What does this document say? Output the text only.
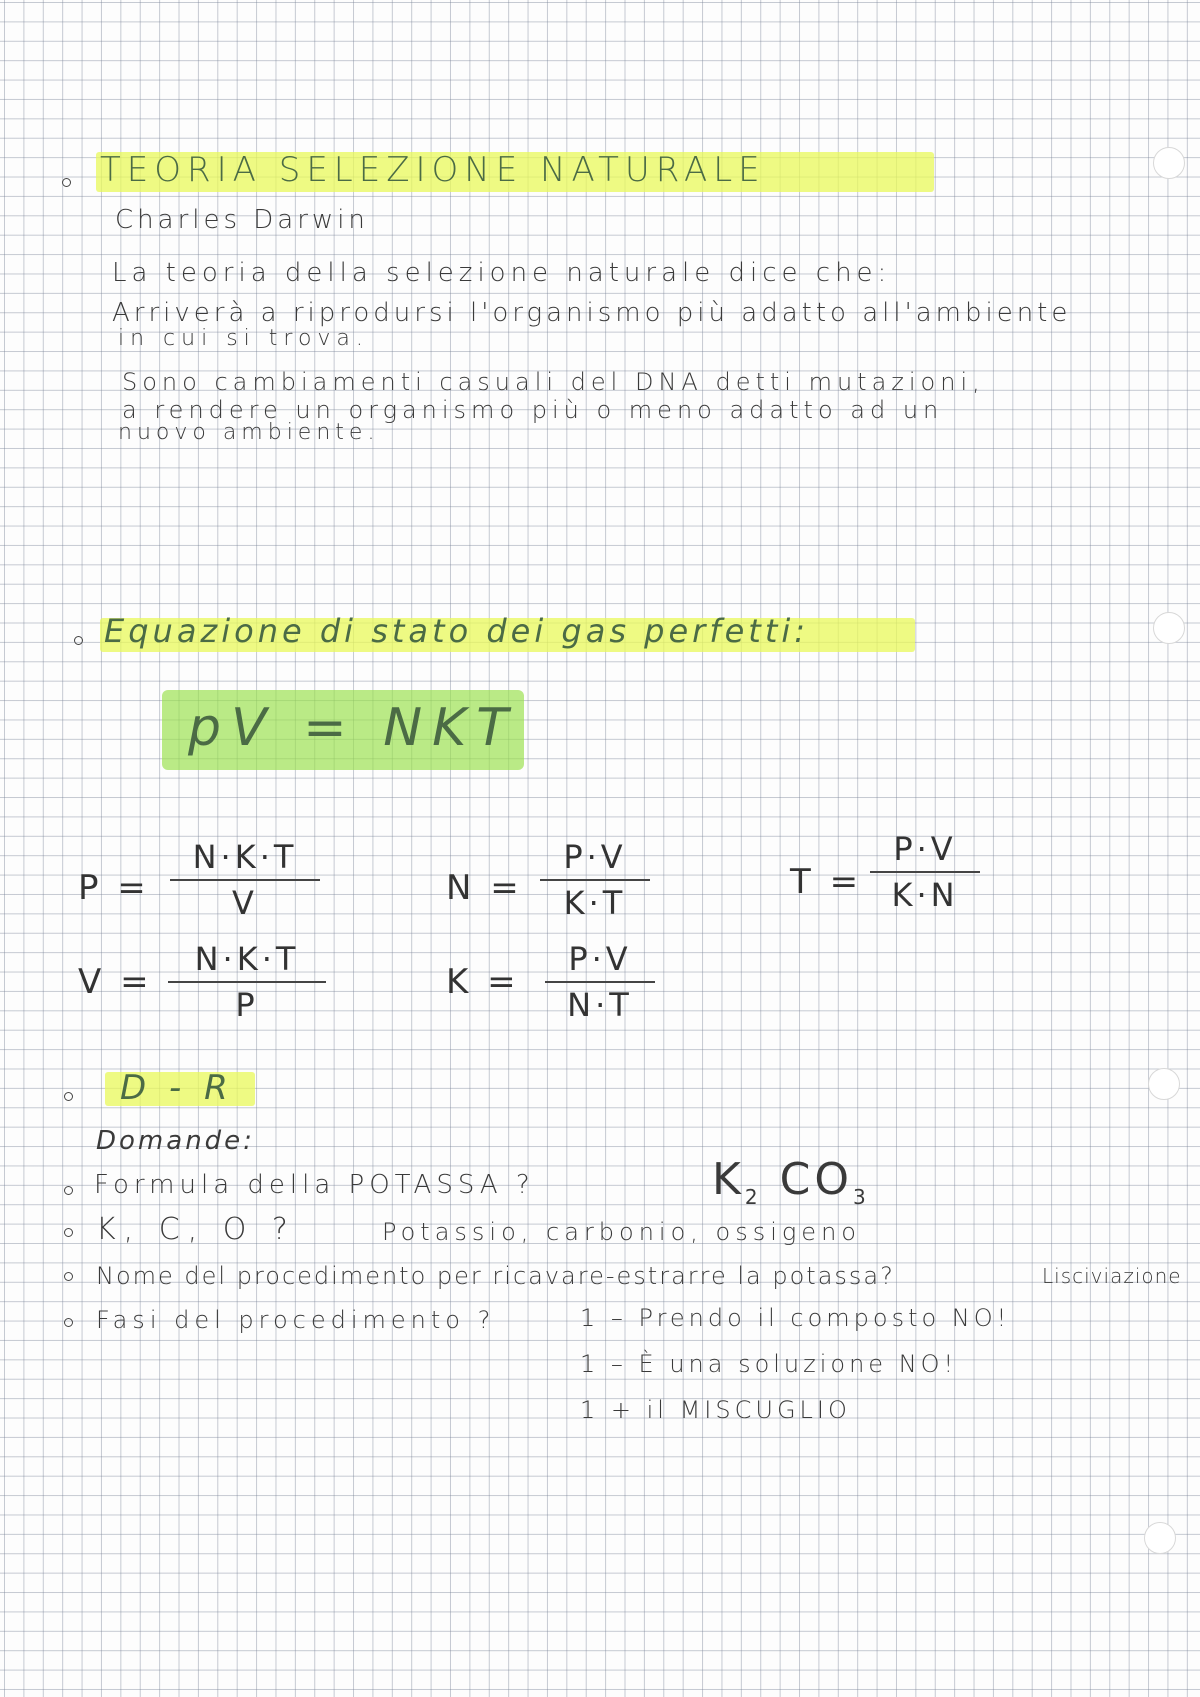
TEORIA SELEZIONE NATURALE
Charles Darwin
La teoria della selezione naturale dice che:
Arriverà a riprodursi l'organismo più adatto all'ambiente
in cui si trova.
Sono cambiamenti casuali del DNA detti mutazioni,
a rendere un organismo più o meno adatto ad un
nuovo ambiente.
Equazione di stato dei gas perfetti:
pV = NKT
P =
N·K·T
V	N =
P·V
K·T
T =
P·V
K·N
V =
N·K·T
P
K =
P·V
N·T
D - R
Domande:
Formula della POTASSA ?	$K_2$ $CO_3$
K, C, O ?	Potassio, carbonio, ossigeno
Nome del procedimento per ricavare-estrarre la potassa?	Lisciviazione
Fasi del procedimento ?	1 – Prendo il composto NO!
1 – È una soluzione NO!
1 + il MISCUGLIO
